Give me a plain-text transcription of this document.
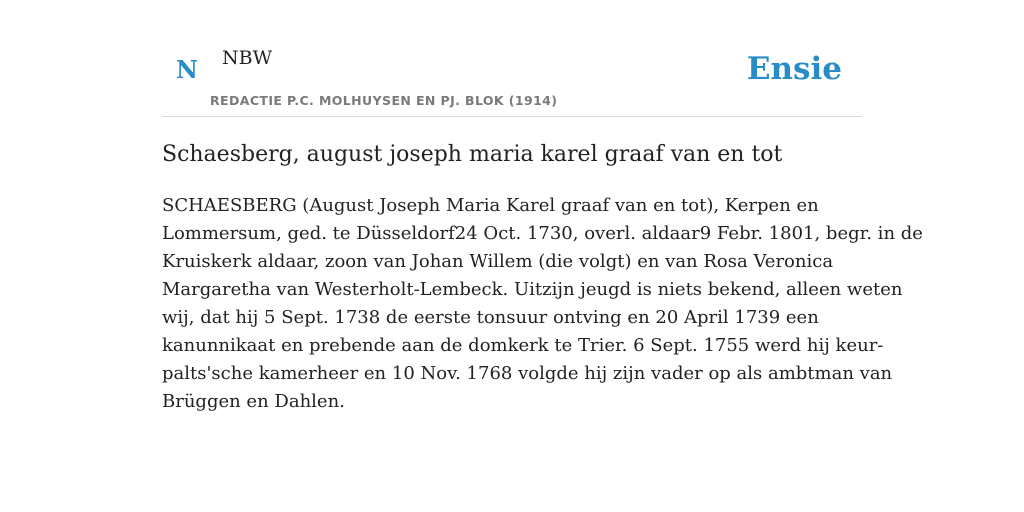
N NBW	Ensie
REDACTIE P.C. MOLHUYSEN EN PJ. BLOK (1914)
Schaesberg, august joseph maria karel graaf van en tot

SCHAESBERG (August Joseph Maria Karel graaf van en tot), Kerpen en
Lommersum, ged. te Düsseldorf24 Oct. 1730, overl. aldaar9 Febr. 1801, begr. in de
Kruiskerk aldaar, zoon van Johan Willem (die volgt) en van Rosa Veronica
Margaretha van Westerholt-Lembeck. Uitzijn jeugd is niets bekend, alleen weten
wij, dat hij 5 Sept. 1738 de eerste tonsuur ontving en 20 April 1739 een
kanunnikaat en prebende aan de domkerk te Trier. 6 Sept. 1755 werd hij keur-
palts'sche kamerheer en 10 Nov. 1768 volgde hij zijn vader op als ambtman van
Brüggen en Dahlen.
